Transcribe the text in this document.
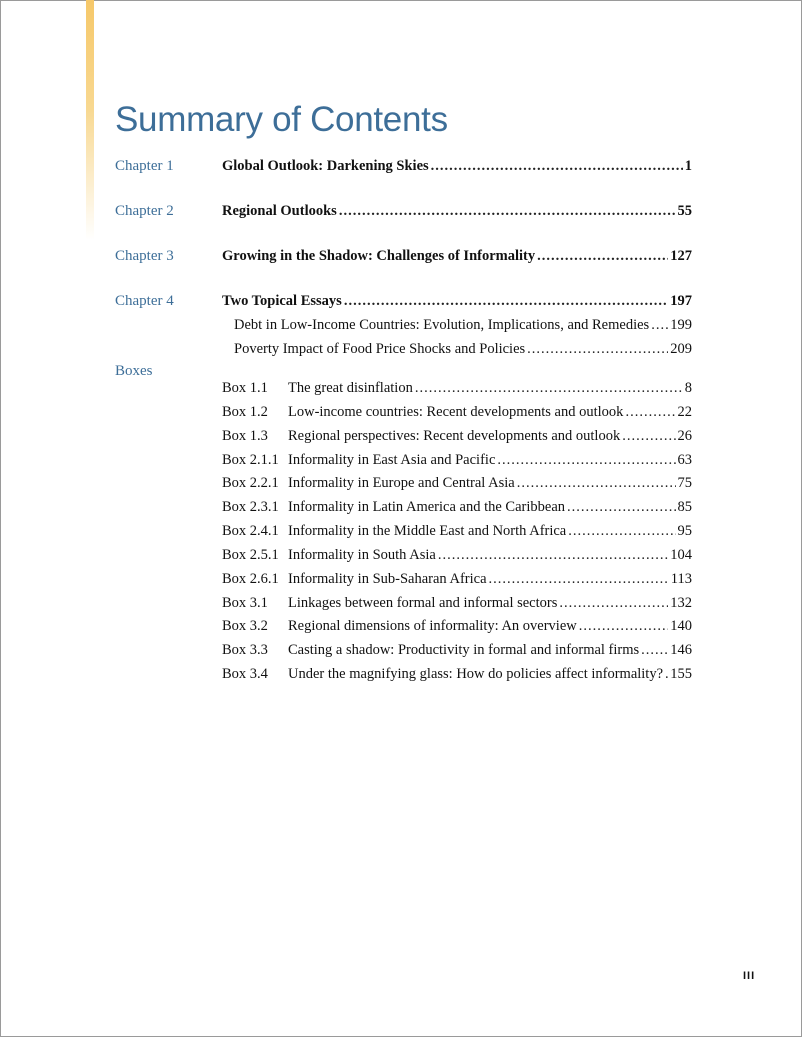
Summary of Contents
Chapter 1	Global Outlook: Darkening Skies .....	1
Chapter 2	Regional Outlooks .....	55
Chapter 3	Growing in the Shadow: Challenges of Informality .....	127
Chapter 4	Two Topical Essays .....	197
Debt in Low-Income Countries: Evolution, Implications, and Remedies ..... 199
Poverty Impact of Food Price Shocks and Policies .....	209
Boxes
Box 1.1	The great disinflation .....	8
Box 1.2	Low-income countries: Recent developments and outlook .....	22
Box 1.3	Regional perspectives: Recent developments and outlook .....	26
Box 2.1.1 Informality in East Asia and Pacific .....	63
Box 2.2.1 Informality in Europe and Central Asia .....	75
Box 2.3.1 Informality in Latin America and the Caribbean .....	85
Box 2.4.1 Informality in the Middle East and North Africa .....	95
Box 2.5.1 Informality in South Asia .....	104
Box 2.6.1 Informality in Sub-Saharan Africa .....	113
Box 3.1	Linkages between formal and informal sectors .....	132
Box 3.2	Regional dimensions of informality: An overview .....	140
Box 3.3	Casting a shadow: Productivity in formal and informal firms ..... 146
Box 3.4	Under the magnifying glass: How do policies affect informality? ..... 155
III
